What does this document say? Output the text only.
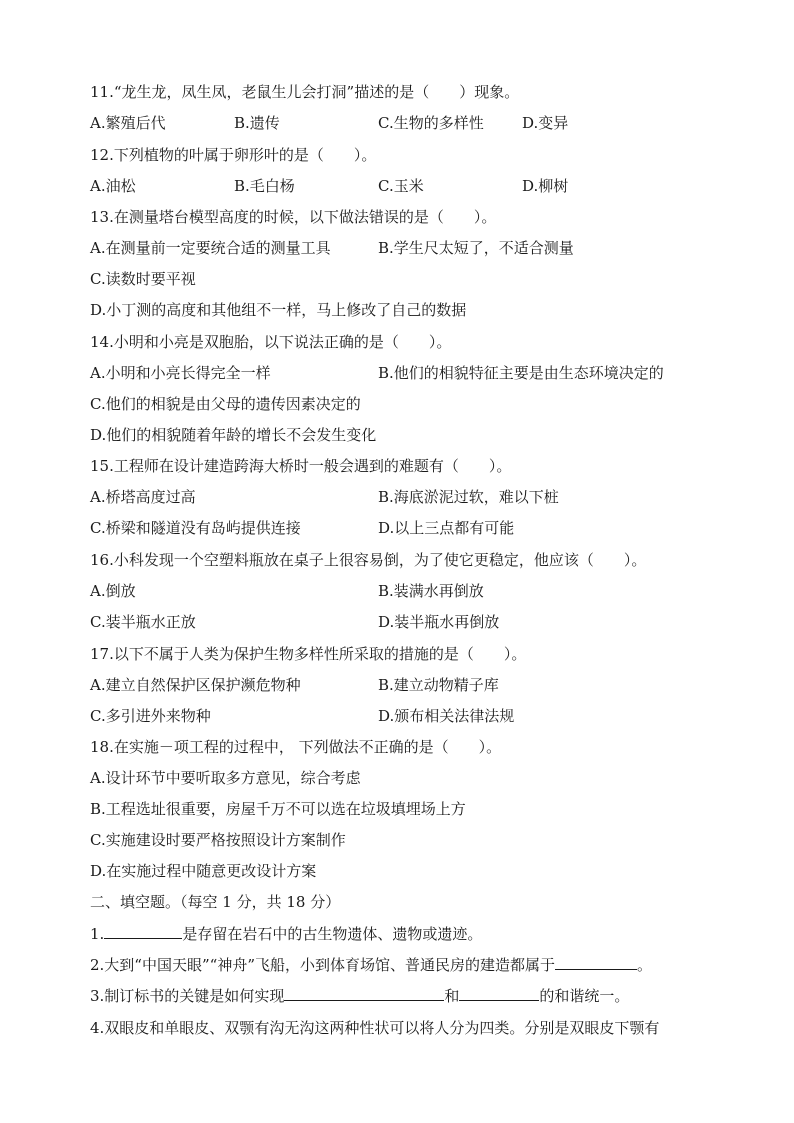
11.“龙生龙，凤生凤，老鼠生儿会打洞”描述的是（　　）现象。
A.繁殖后代	B.遗传	C.生物的多样性	D.变异
12.下列植物的叶属于卵形叶的是（　　）。
A.油松	B.毛白杨	C.玉米	D.柳树
13.在测量塔台模型高度的时候，以下做法错误的是（　　）。
A.在测量前一定要统合适的测量工具	B.学生尺太短了，不适合测量
C.读数时要平视
D.小丁测的高度和其他组不一样，马上修改了自己的数据
14.小明和小亮是双胞胎，以下说法正确的是（　　）。
A.小明和小亮长得完全一样	B.他们的相貌特征主要是由生态环境决定的
C.他们的相貌是由父母的遗传因素决定的
D.他们的相貌随着年龄的增长不会发生变化
15.工程师在设计建造跨海大桥时一般会遇到的难题有（　　）。
A.桥塔高度过高	B.海底淤泥过软，难以下桩
C.桥梁和隧道没有岛屿提供连接	D.以上三点都有可能
16.小科发现一个空塑料瓶放在桌子上很容易倒，为了使它更稳定，他应该（　　）。
A.倒放	B.装满水再倒放
C.装半瓶水正放	D.装半瓶水再倒放
17.以下不属于人类为保护生物多样性所采取的措施的是（　　）。
A.建立自然保护区保护濒危物种	B.建立动物精子库
C.多引进外来物种	D.颁布相关法律法规
18.在实施－项工程的过程中， 下列做法不正确的是（　　）。
A.设计环节中要听取多方意见，综合考虑
B.工程选址很重要，房屋千万不可以选在垃圾填埋场上方
C.实施建设时要严格按照设计方案制作
D.在实施过程中随意更改设计方案
二、填空题。（每空 1 分，共 18 分）
1.	是存留在岩石中的古生物遗体、遗物或遗迹。
2.大到“中国天眼”“神舟”飞船，小到体育场馆、普通民房的建造都属于	。
3.制订标书的关键是如何实现	和	的和谐统一。
4.双眼皮和单眼皮、双颚有沟无沟这两种性状可以将人分为四类。分别是双眼皮下颚有
